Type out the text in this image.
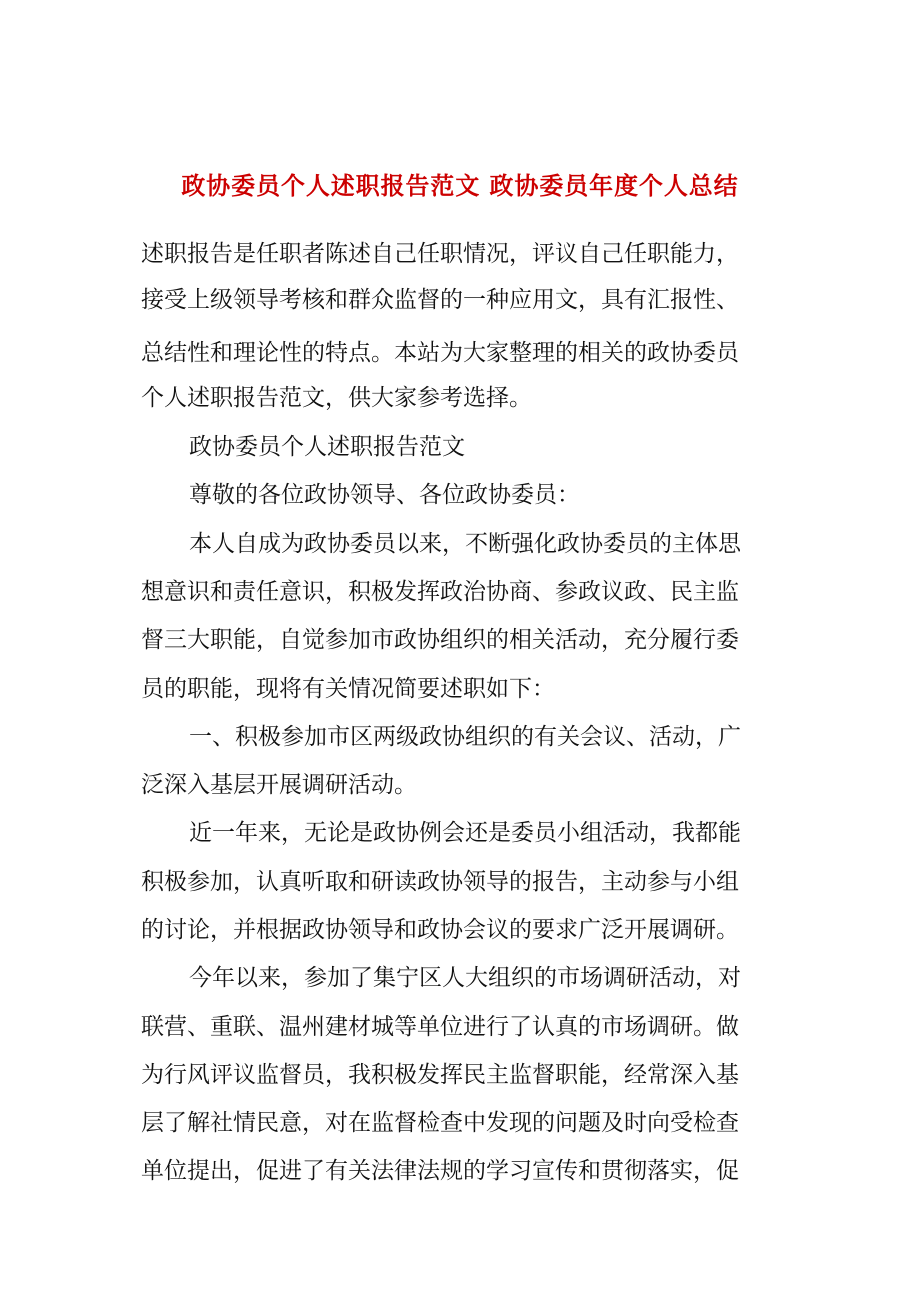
政协委员个人述职报告范文 政协委员年度个人总结
述职报告是任职者陈述自己任职情况，评议自己任职能力，
接受上级领导考核和群众监督的一种应用文，具有汇报性、
总结性和理论性的特点。本站为大家整理的相关的政协委员
个人述职报告范文，供大家参考选择。
政协委员个人述职报告范文
尊敬的各位政协领导、各位政协委员：
本人自成为政协委员以来，不断强化政协委员的主体思
想意识和责任意识，积极发挥政治协商、参政议政、民主监
督三大职能，自觉参加市政协组织的相关活动，充分履行委
员的职能，现将有关情况简要述职如下：
一、积极参加市区两级政协组织的有关会议、活动，广
泛深入基层开展调研活动。
近一年来，无论是政协例会还是委员小组活动，我都能
积极参加，认真听取和研读政协领导的报告，主动参与小组
的讨论，并根据政协领导和政协会议的要求广泛开展调研。
今年以来，参加了集宁区人大组织的市场调研活动，对
联营、重联、温州建材城等单位进行了认真的市场调研。做
为行风评议监督员，我积极发挥民主监督职能，经常深入基
层了解社情民意，对在监督检查中发现的问题及时向受检查
单位提出，促进了有关法律法规的学习宣传和贯彻落实，促
